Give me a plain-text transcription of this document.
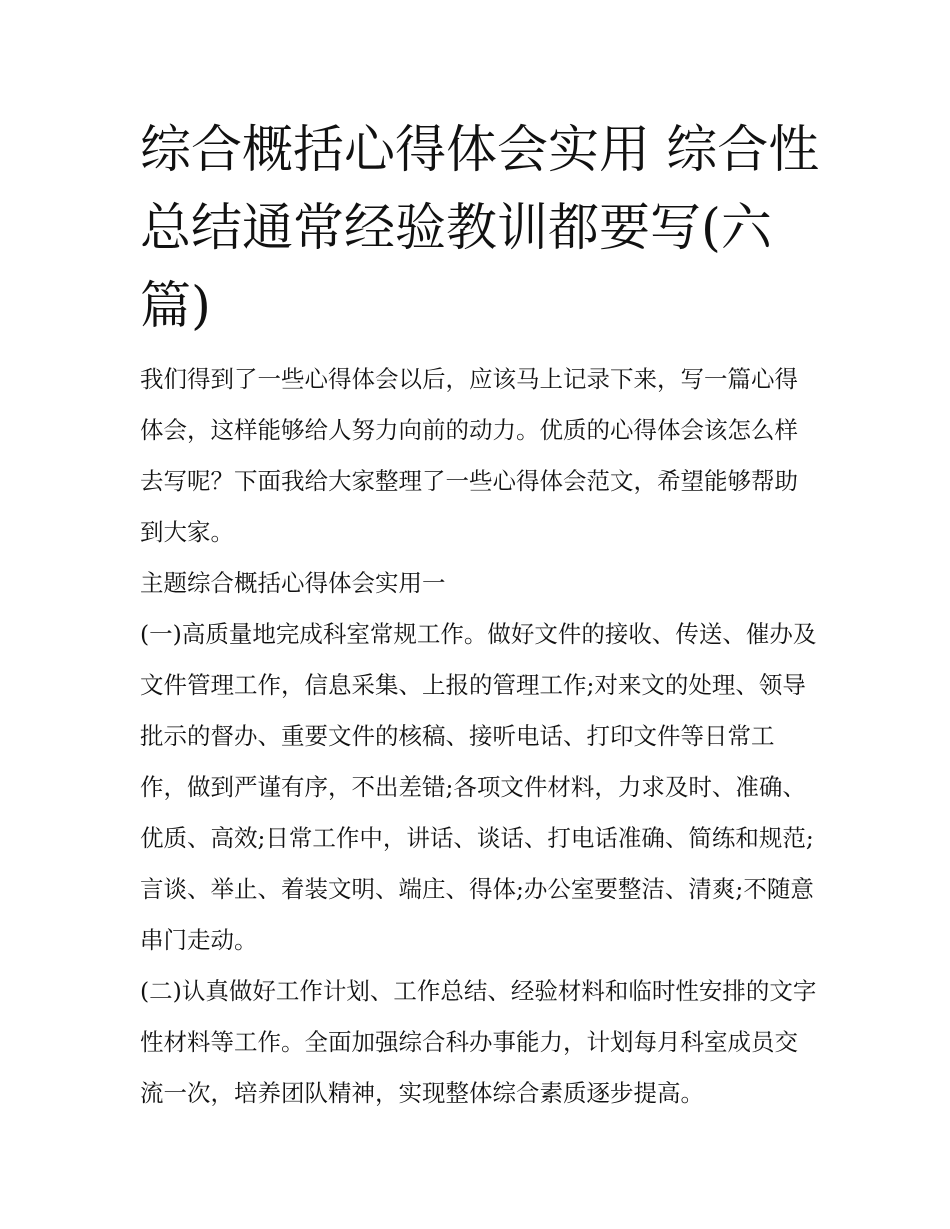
综合概括心得体会实用 综合性总结通常经验教训都要写(六篇)

我们得到了一些心得体会以后，应该马上记录下来，写一篇心得体会，这样能够给人努力向前的动力。优质的心得体会该怎么样去写呢？下面我给大家整理了一些心得体会范文，希望能够帮助到大家。

主题综合概括心得体会实用一

(一)高质量地完成科室常规工作。做好文件的接收、传送、催办及文件管理工作，信息采集、上报的管理工作;对来文的处理、领导批示的督办、重要文件的核稿、接听电话、打印文件等日常工作，做到严谨有序，不出差错;各项文件材料，力求及时、准确、优质、高效;日常工作中，讲话、谈话、打电话准确、简练和规范;言谈、举止、着装文明、端庄、得体;办公室要整洁、清爽;不随意串门走动。

(二)认真做好工作计划、工作总结、经验材料和临时性安排的文字性材料等工作。全面加强综合科办事能力，计划每月科室成员交流一次，培养团队精神，实现整体综合素质逐步提高。
